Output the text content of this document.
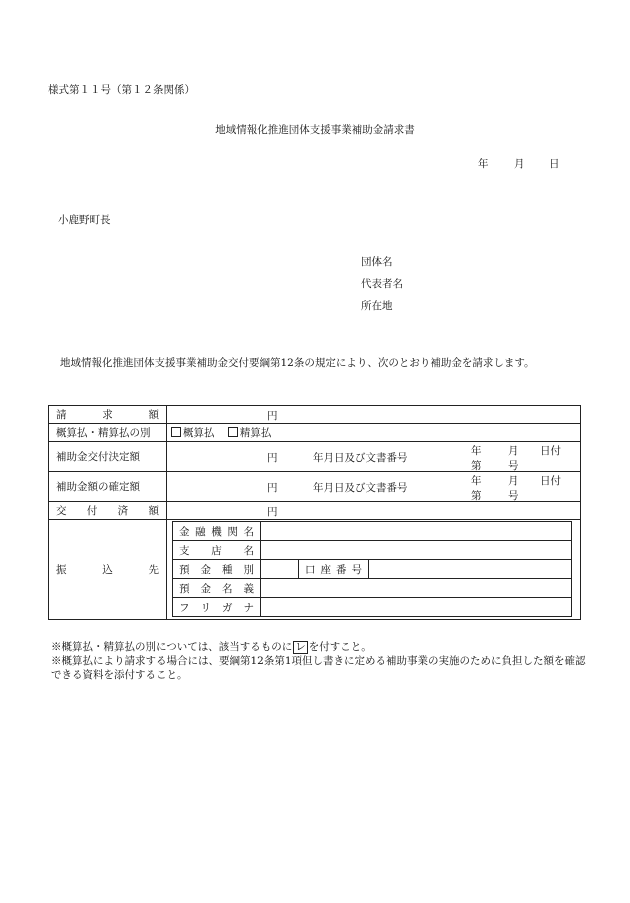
様式第１１号（第１２条関係）
地域情報化推進団体支援事業補助金請求書
年 月 日
小鹿野町長
団体名
代表者名
所在地
地域情報化推進団体支援事業補助金交付要綱第12条の規定により、次のとおり補助金を請求します。
請	求	額	円

概算払・精算払の別	概算払 精算払
補助金交付決定額	円	年月日及び文書番号
年	月 日付
第	号

補助金額の確定額	円	年月日及び文書番号
年	月 日付
第	号

交 付 済 額	円

振	込	先

金 融 機 関 名

支 店 名

預 金 種 別		口 座 番 号

預 金 名 義

フ リ ガ ナ

※概算払・精算払の別については、該当するものに レ を付すこと。

※概算払により請求する場合には、要綱第12条第1項但し書きに定める補助事業の実施のために負担した額を確認できる資料を添付すること。
